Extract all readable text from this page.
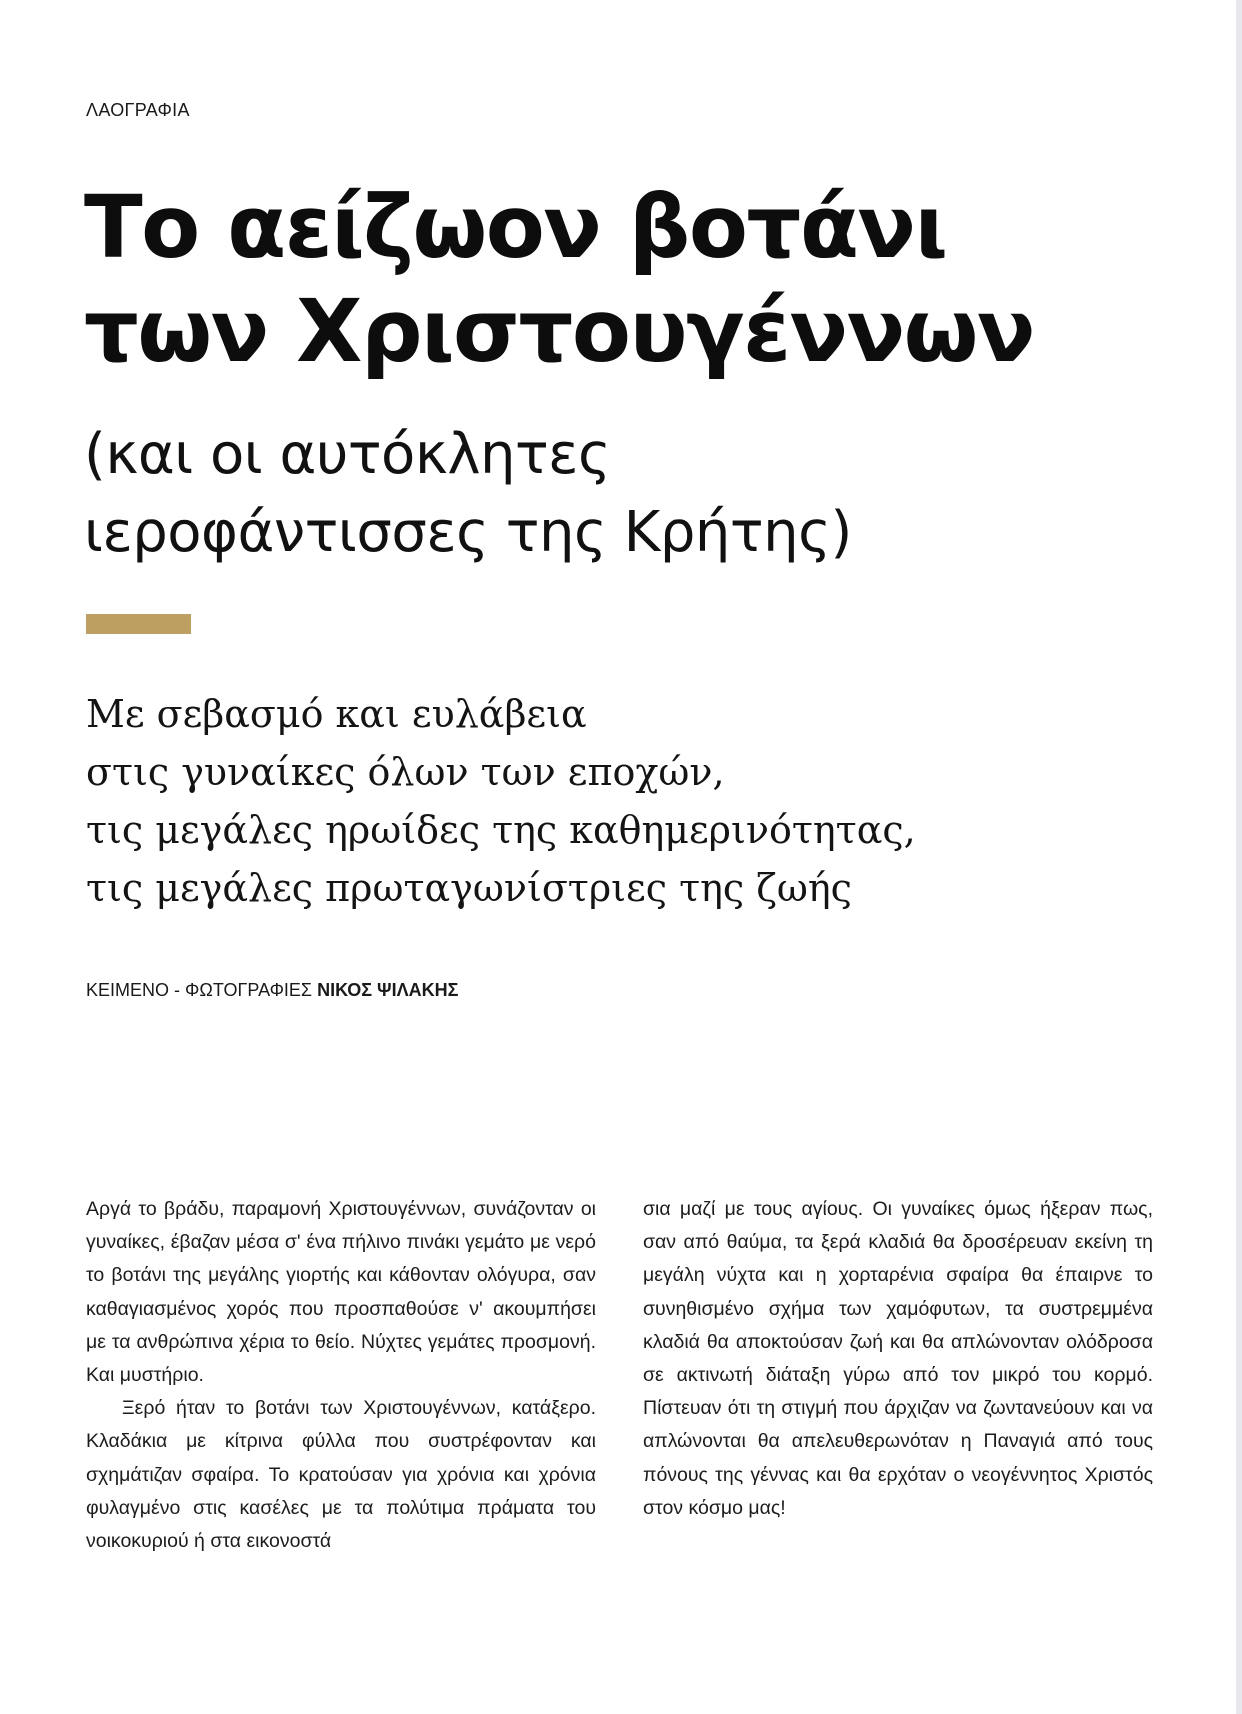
ΛΑΟΓΡΑΦΙΑ
Το αείζωον βοτάνι
των Χριστουγέννων
(και οι αυτόκλητες
ιεροφάντισσες της Κρήτης)
Με σεβασμό και ευλάβεια
στις γυναίκες όλων των εποχών,
τις μεγάλες ηρωίδες της καθημερινότητας,
τις μεγάλες πρωταγωνίστριες της ζωής
ΚΕΙΜΕΝΟ - ΦΩΤΟΓΡΑΦΙΕΣ ΝΙΚΟΣ ΨΙΛΑΚΗΣ

Αργά το βράδυ, παραμονή Χριστουγέννων, συνάζονταν οι γυναίκες, έβαζαν μέσα σ' ένα πήλινο πινάκι γεμάτο με νερό το βοτάνι της μεγάλης γιορτής και κάθονταν ολόγυρα, σαν καθαγιασμένος χορός που προσπαθούσε ν' ακουμπήσει με τα ανθρώπινα χέρια το θείο. Νύχτες γεμάτες προσμονή. Και μυστήριο.

Ξερό ήταν το βοτάνι των Χριστουγέννων, κατάξερο. Κλαδάκια με κίτρινα φύλλα που συστρέφονταν και σχημάτιζαν σφαίρα. Το κρατούσαν για χρόνια και χρόνια φυλαγμένο στις κασέλες με τα πολύτιμα πράματα του νοικοκυριού ή στα εικονοστά

σια μαζί με τους αγίους. Οι γυναίκες όμως ήξεραν πως, σαν από θαύμα, τα ξερά κλαδιά θα δροσέρευαν εκείνη τη μεγάλη νύχτα και η χορταρένια σφαίρα θα έπαιρνε το συνηθισμένο σχήμα των χαμόφυτων, τα συστρεμμένα κλαδιά θα αποκτούσαν ζωή και θα απλώνονταν ολόδροσα σε ακτινωτή διάταξη γύρω από τον μικρό του κορμό. Πίστευαν ότι τη στιγμή που άρχιζαν να ζωντανεύουν και να απλώνονται θα απελευθερωνόταν η Παναγιά από τους πόνους της γέννας και θα ερχόταν ο νεογέννητος Χριστός στον κόσμο μας!
